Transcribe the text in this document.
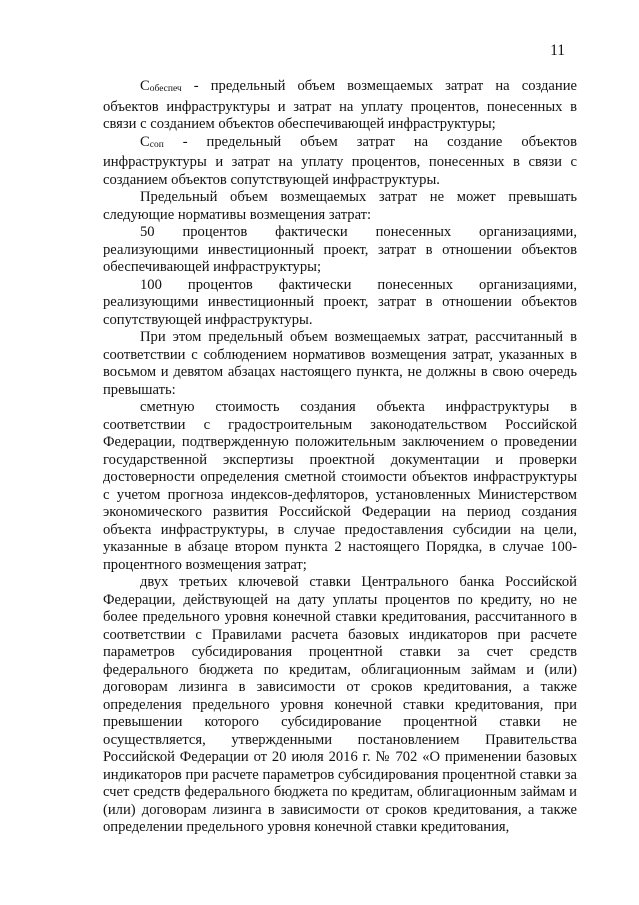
11

Собеспеч - предельный объем возмещаемых затрат на создание объектов инфраструктуры и затрат на уплату процентов, понесенных в связи с созданием объектов обеспечивающей инфраструктуры;

Ссоп - предельный объем затрат на создание объектов инфраструктуры и затрат на уплату процентов, понесенных в связи с созданием объектов сопутствующей инфраструктуры.

Предельный объем возмещаемых затрат не может превышать следующие нормативы возмещения затрат:

50 процентов фактически понесенных организациями, реализующими инвестиционный проект, затрат в отношении объектов обеспечивающей инфраструктуры;

100 процентов фактически понесенных организациями, реализующими инвестиционный проект, затрат в отношении объектов сопутствующей инфраструктуры.

При этом предельный объем возмещаемых затрат, рассчитанный в соответствии с соблюдением нормативов возмещения затрат, указанных в восьмом и девятом абзацах настоящего пункта, не должны в свою очередь превышать:

сметную стоимость создания объекта инфраструктуры в соответствии с градостроительным законодательством Российской Федерации, подтвержденную положительным заключением о проведении государственной экспертизы проектной документации и проверки достоверности определения сметной стоимости объектов инфраструктуры с учетом прогноза индексов-дефляторов, установленных Министерством экономического развития Российской Федерации на период создания объекта инфраструктуры, в случае предоставления субсидии на цели, указанные в абзаце втором пункта 2 настоящего Порядка, в случае 100-процентного возмещения затрат;

двух третьих ключевой ставки Центрального банка Российской Федерации, действующей на дату уплаты процентов по кредиту, но не более предельного уровня конечной ставки кредитования, рассчитанного в соответствии с Правилами расчета базовых индикаторов при расчете параметров субсидирования процентной ставки за счет средств федерального бюджета по кредитам, облигационным займам и (или) договорам лизинга в зависимости от сроков кредитования, а также определения предельного уровня конечной ставки кредитования, при превышении которого субсидирование процентной ставки не осуществляется, утвержденными постановлением Правительства Российской Федерации от 20 июля 2016 г. № 702 «О применении базовых индикаторов при расчете параметров субсидирования процентной ставки за счет средств федерального бюджета по кредитам, облигационным займам и (или) договорам лизинга в зависимости от сроков кредитования, а также определении предельного уровня конечной ставки кредитования,
